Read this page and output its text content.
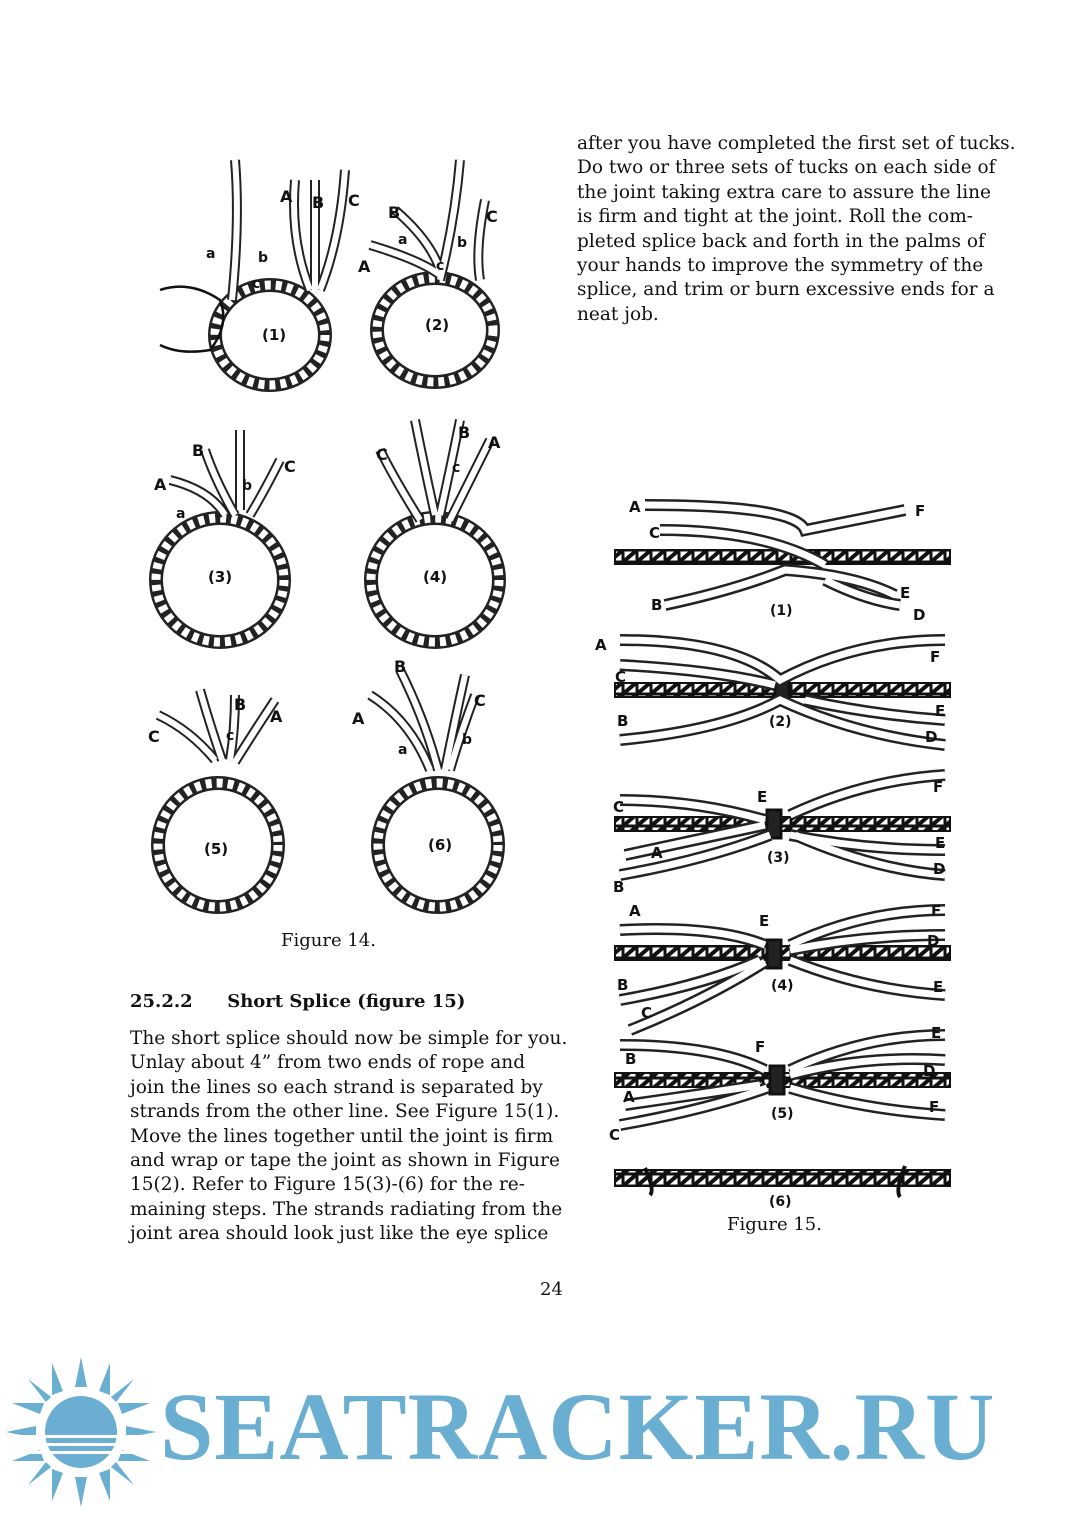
after you have completed the first set of tucks.
Do two or three sets of tucks on each side of
the joint taking extra care to assure the line
is firm and tight at the joint. Roll the com-
pleted splice back and forth in the palms of
your hands to improve the symmetry of the
splice, and trim or burn excessive ends for a
neat job.
A B C
a	b
c
(1)
A
B	C
a	b
c
(2)
A
B
C
a
b
(3)
C
B
A
c
(4)
C
B
A
c
(5)
A
B
C
a
b
(6)
Figure 14.
25.2.2 Short Splice (figure 15)
The short splice should now be simple for you.
Unlay about 4” from two ends of rope and
join the lines so each strand is separated by
strands from the other line. See Figure 15(1).
Move the lines together until the joint is firm
and wrap or tape the joint as shown in Figure
15(2). Refer to Figure 15(3)-(6) for the re-
maining steps. The strands radiating from the
joint area should look just like the eye splice
A
C
B
F
E
D
(1)
A
C
B
F
E
D
(2)
C
A
B
E
F
E
D
(3)
A
B
C
E
F
D
E
(4)
B
A
C
F
E
D
F
(5)
(6)
Figure 15.
24
SEATRACKER.RU
